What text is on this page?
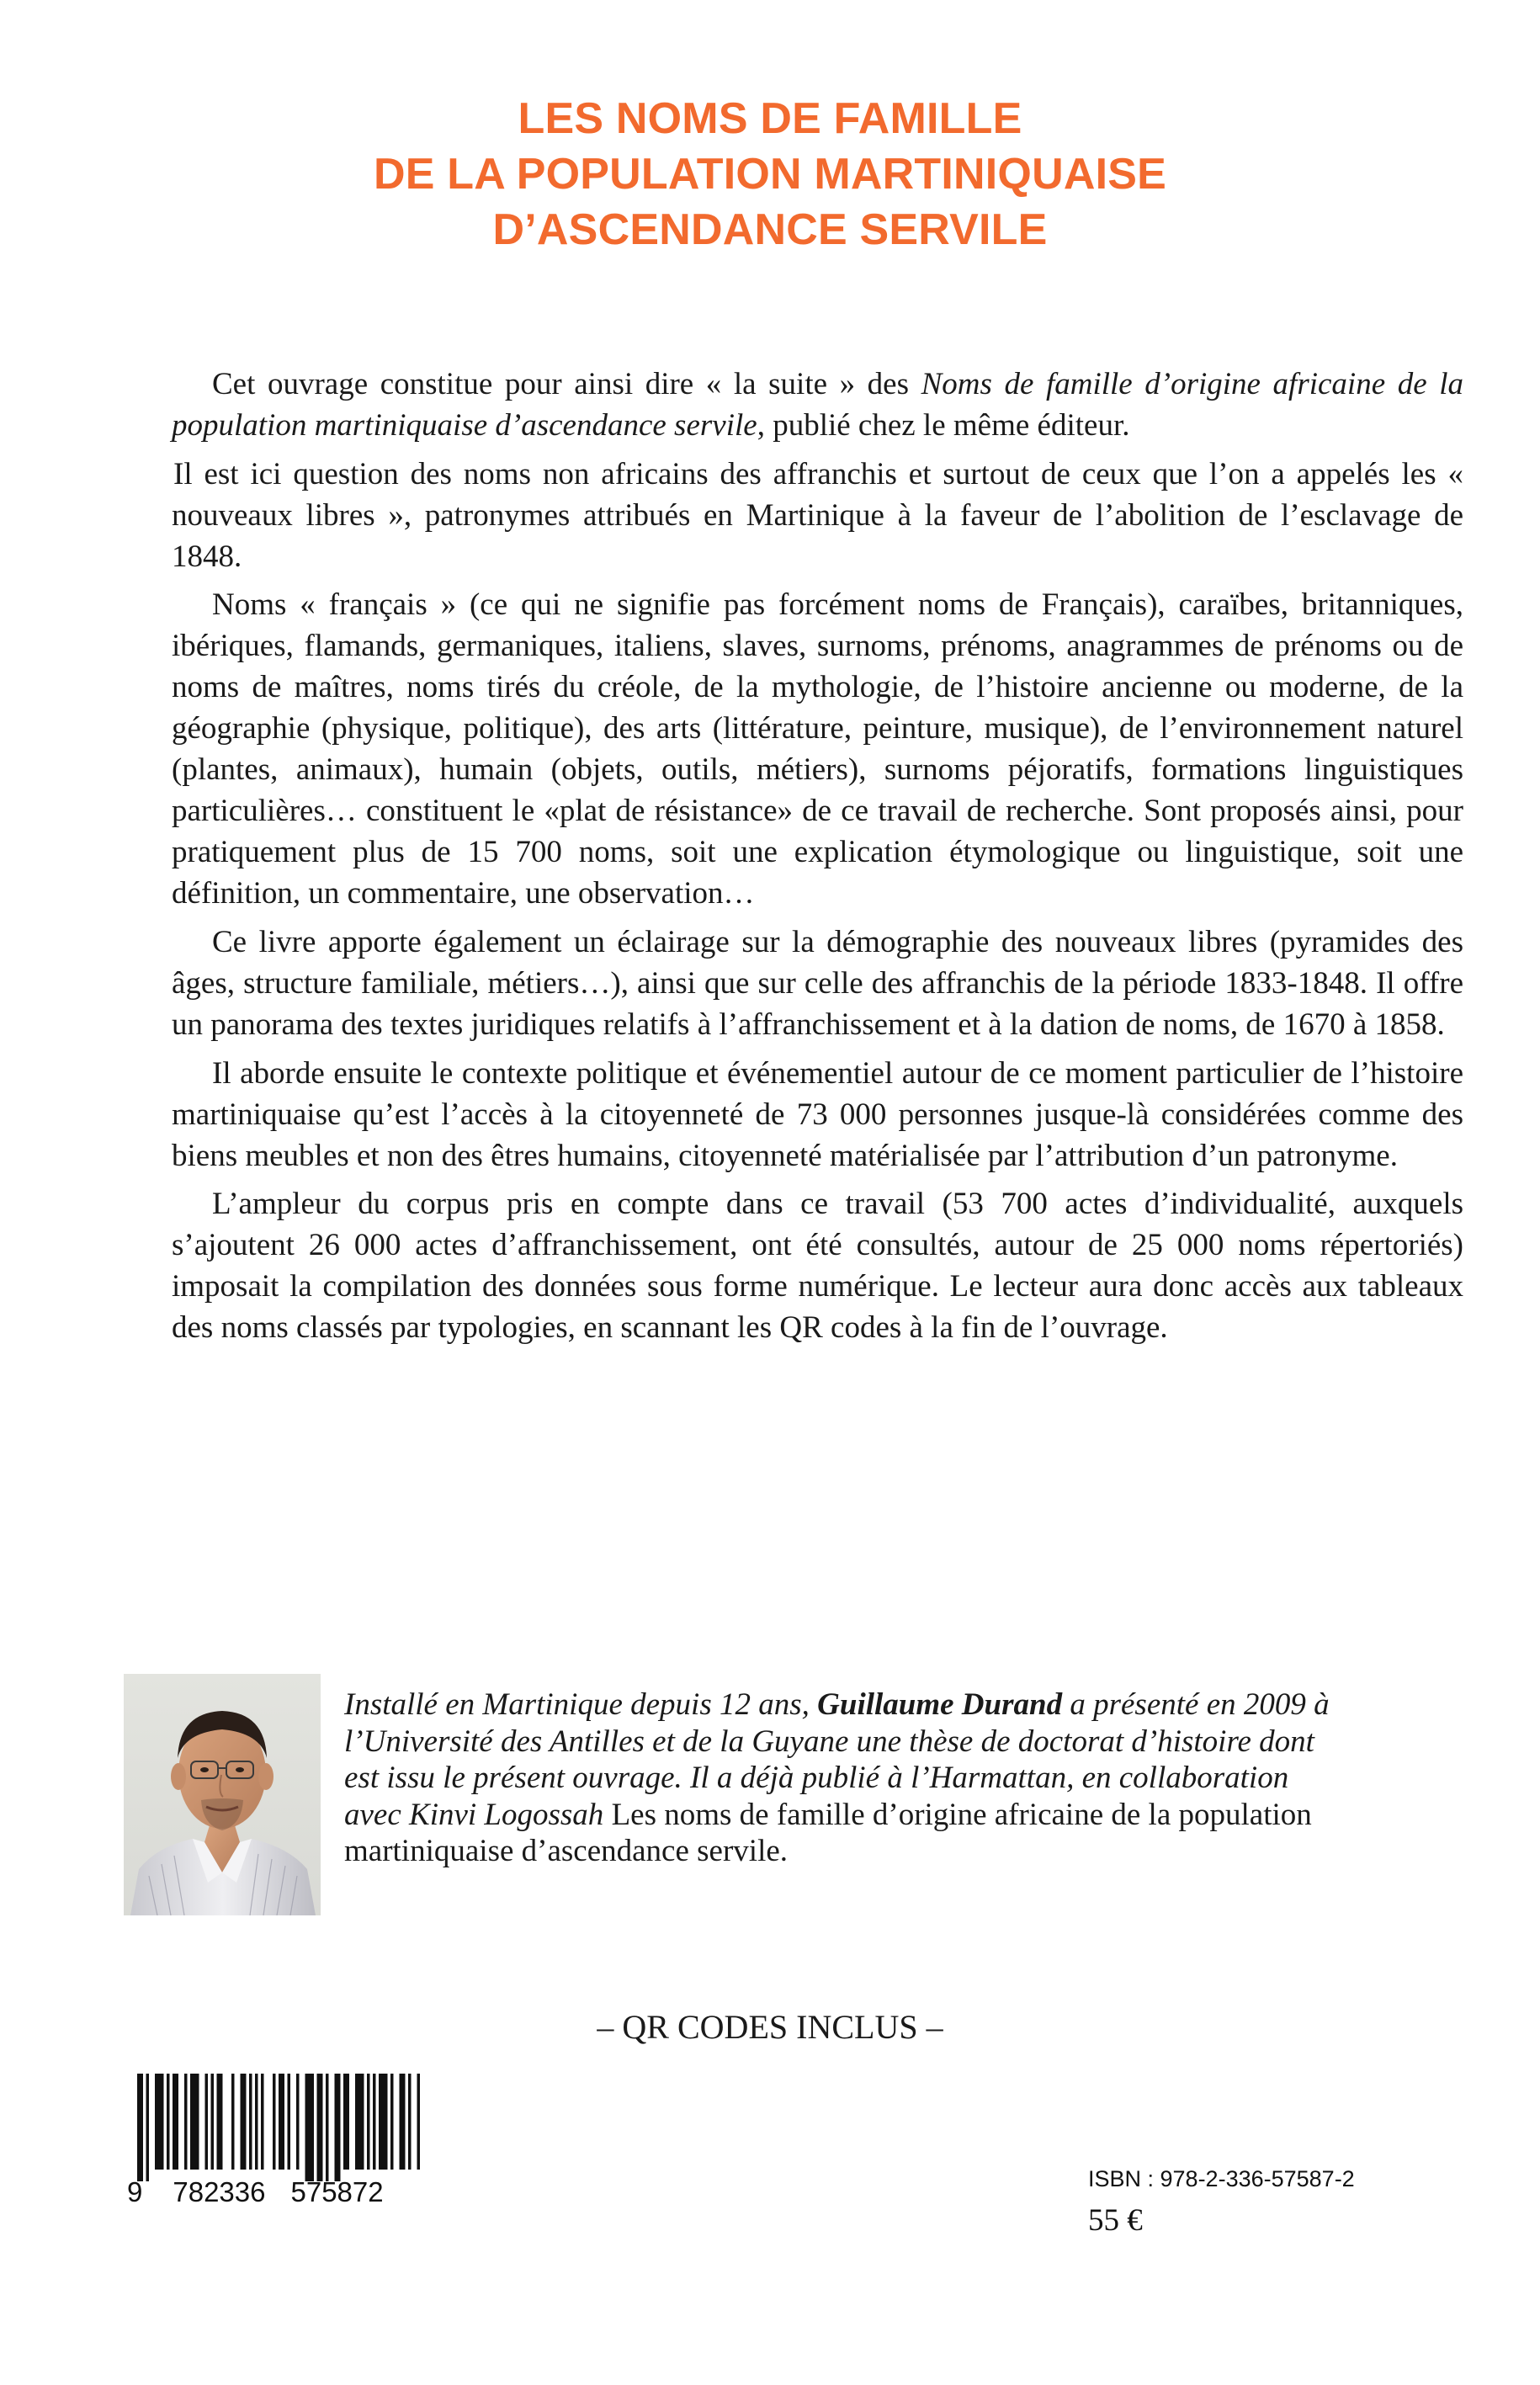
LES NOMS DE FAMILLE
DE LA POPULATION MARTINIQUAISE
D’ASCENDANCE SERVILE

Cet ouvrage constitue pour ainsi dire « la suite » des Noms de famille d’origine africaine de la population martiniquaise d’ascendance servile, publié chez le même éditeur.

Il est ici question des noms non africains des affranchis et surtout de ceux que l’on a appelés les « nouveaux libres », patronymes attribués en Martinique à la faveur de l’abolition de l’esclavage de 1848.

Noms « français » (ce qui ne signifie pas forcément noms de Français), caraïbes, britanniques, ibériques, flamands, germaniques, italiens, slaves, surnoms, prénoms, anagrammes de prénoms ou de noms de maîtres, noms tirés du créole, de la mythologie, de l’histoire ancienne ou moderne, de la géographie (physique, politique), des arts (littérature, peinture, musique), de l’environnement naturel (plantes, animaux), humain (objets, outils, métiers), surnoms péjoratifs, formations linguistiques particulières… constituent le «plat de résistance» de ce travail de recherche. Sont proposés ainsi, pour pratiquement plus de 15 700 noms, soit une explication étymologique ou linguistique, soit une définition, un commentaire, une observation…

Ce livre apporte également un éclairage sur la démographie des nouveaux libres (pyramides des âges, structure familiale, métiers…), ainsi que sur celle des affranchis de la période 1833-1848. Il offre un panorama des textes juridiques relatifs à l’affranchissement et à la dation de noms, de 1670 à 1858.

Il aborde ensuite le contexte politique et événementiel autour de ce moment particulier de l’histoire martiniquaise qu’est l’accès à la citoyenneté de 73 000 personnes jusque-là considérées comme des biens meubles et non des êtres humains, citoyenneté matérialisée par l’attribution d’un patronyme.

L’ampleur du corpus pris en compte dans ce travail (53 700 actes d’individualité, auxquels s’ajoutent 26 000 actes d’affranchissement, ont été consultés, autour de 25 000 noms répertoriés) imposait la compilation des données sous forme numérique. Le lecteur aura donc accès aux tableaux des noms classés par typologies, en scannant les QR codes à la fin de l’ouvrage.

Installé en Martinique depuis 12 ans, Guillaume Durand a présenté en 2009 à
l’Université des Antilles et de la Guyane une thèse de doctorat d’histoire dont
est issu le présent ouvrage. Il a déjà publié à l’Harmattan, en collaboration
avec Kinvi Logossah Les noms de famille d’origine africaine de la population
martiniquaise d’ascendance servile.
– QR CODES INCLUS –
9 782336 575872	ISBN : 978-2-336-57587-2
55 €
